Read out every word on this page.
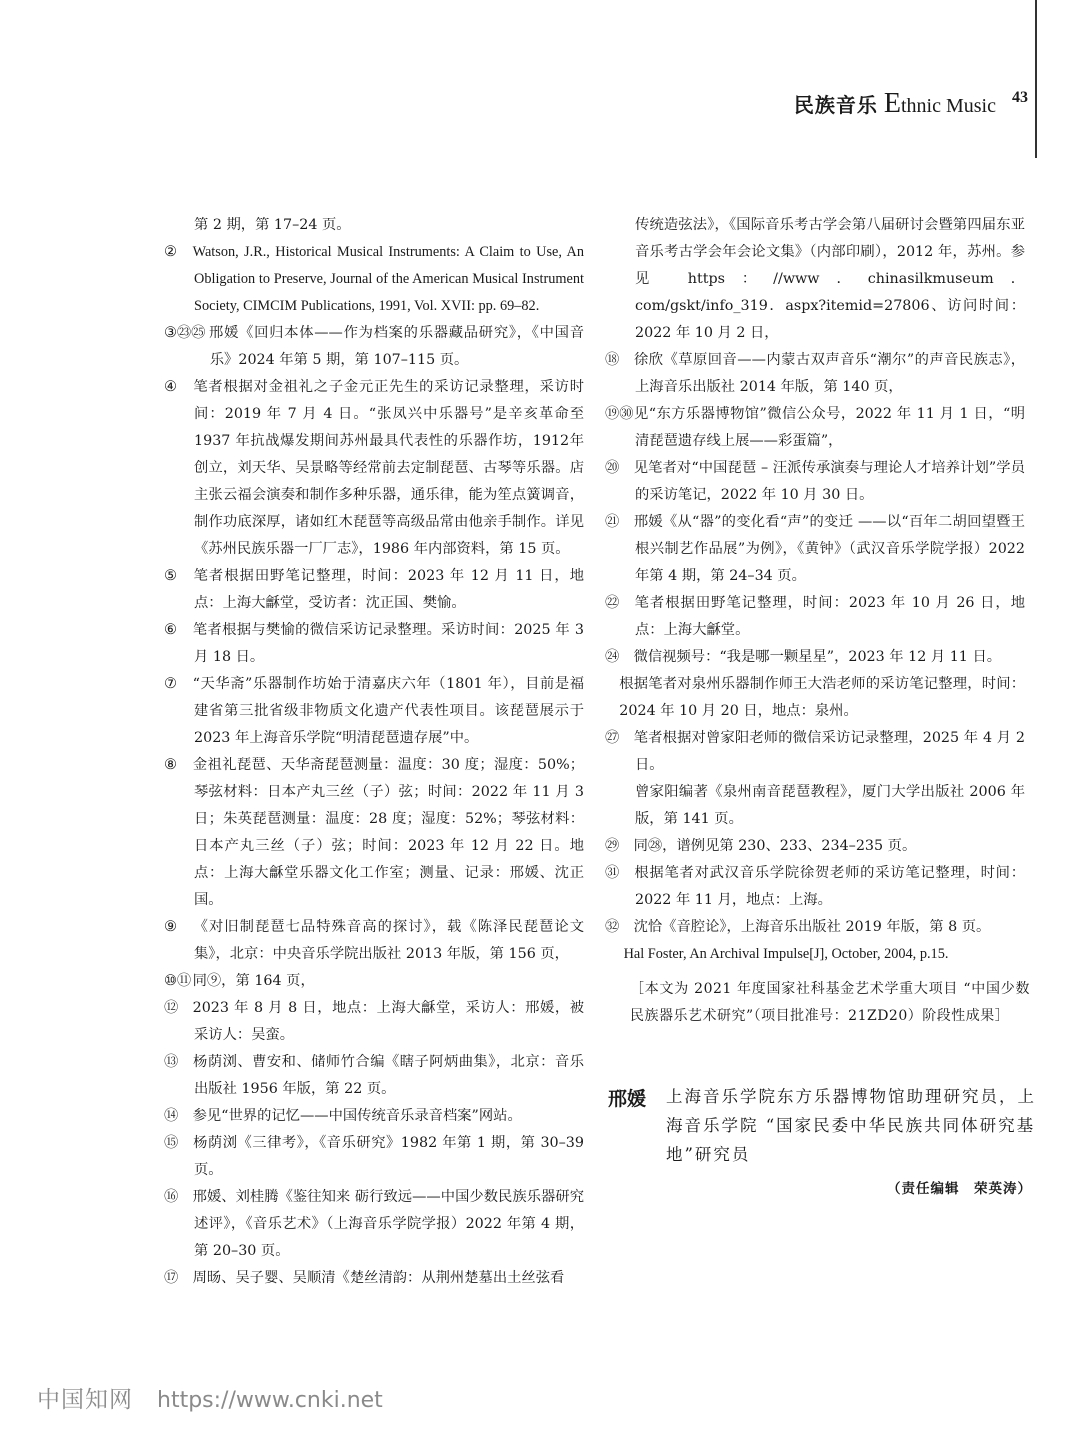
民族音乐 Ethnic Music 43
第 2 期，第 17–24 页。
② Watson, J.R., Historical Musical Instruments: A Claim to Use, An Obligation to Preserve, Journal of the American Musical Instrument Society, CIMCIM Publications, 1991, Vol. XVII: pp. 69–82.
③㉓㉕ 邢媛《回归本体——作为档案的乐器藏品研究》，《中国音乐》2024 年第 5 期，第 107–115 页。
④ 笔者根据对金祖礼之子金元正先生的采访记录整理，采访时间：2019 年 7 月 4 日。“张凤兴中乐器号”是辛亥革命至 1937 年抗战爆发期间苏州最具代表性的乐器作坊，1912年创立，刘天华、吴景略等经常前去定制琵琶、古琴等乐器。店主张云福会演奏和制作多种乐器，通乐律，能为笙点簧调音，制作功底深厚，诸如红木琵琶等高级品常由他亲手制作。详见《苏州民族乐器一厂厂志》，1986 年内部资料，第 15 页。
⑤ 笔者根据田野笔记整理，时间：2023 年 12 月 11 日，地点：上海大龢堂，受访者：沈正国、樊愉。
⑥ 笔者根据与樊愉的微信采访记录整理。采访时间：2025 年 3 月 18 日。
⑦ “天华斋”乐器制作坊始于清嘉庆六年（1801 年），目前是福建省第三批省级非物质文化遗产代表性项目。该琵琶展示于 2023 年上海音乐学院“明清琵琶遗存展”中。
⑧ 金祖礼琵琶、天华斋琵琶测量：温度：30 度；湿度：50%；琴弦材料：日本产丸三丝（子）弦；时间：2022 年 11 月 3 日；朱英琵琶测量：温度：28 度；湿度：52%；琴弦材料：日本产丸三丝（子）弦；时间：2023 年 12 月 22 日。地点：上海大龢堂乐器文化工作室；测量、记录：邢媛、沈正国。
⑨ 《对旧制琵琶七品特殊音高的探讨》，载《陈泽民琵琶论文集》，北京：中央音乐学院出版社 2013 年版，第 156 页，
⑩⑪同⑨，第 164 页，
⑫ 2023 年 8 月 8 日，地点：上海大龢堂，采访人：邢媛，被采访人：吴蛮。
⑬ 杨荫浏、曹安和、储师竹合编《瞎子阿炳曲集》，北京：音乐出版社 1956 年版，第 22 页。
⑭ 参见“世界的记忆——中国传统音乐录音档案”网站。
⑮ 杨荫浏《三律考》，《音乐研究》1982 年第 1 期，第 30–39 页。
⑯ 邢媛、刘桂腾《鉴往知来 砺行致远——中国少数民族乐器研究述评》，《音乐艺术》（上海音乐学院学报）2022 年第 4 期，第 20–30 页。
⑰ 周旸、吴子婴、吴顺清《楚丝清韵：从荆州楚墓出土丝弦看
传统造弦法》，《国际音乐考古学会第八届研讨会暨第四届东亚音乐考古学会年会论文集》（内部印刷），2012 年，苏州。参见 https：//www．chinasilkmuseum．com/gskt/info_319．aspx?itemid=27806、访问时间：2022 年 10 月 2 日，
⑱ 徐欣《草原回音——内蒙古双声音乐“潮尔”的声音民族志》，上海音乐出版社 2014 年版，第 140 页，
⑲㉚见“东方乐器博物馆”微信公众号，2022 年 11 月 1 日，“明清琵琶遗存线上展——彩蛋篇”，
⑳ 见笔者对“中国琵琶 – 汪派传承演奏与理论人才培养计划”学员的采访笔记，2022 年 10 月 30 日。
㉑ 邢媛《从“器”的变化看“声”的变迁 ——以“百年二胡回望暨王根兴制艺作品展”为例》，《黄钟》（武汉音乐学院学报）2022 年第 4 期，第 24–34 页。
㉒ 笔者根据田野笔记整理，时间：2023 年 10 月 26 日，地点：上海大龢堂。
㉔ 微信视频号：“我是哪一颗星星”，2023 年 12 月 11 日。
根据笔者对泉州乐器制作师王大浩老师的采访笔记整理，时间：2024 年 10 月 20 日，地点：泉州。
㉗ 笔者根据对曾家阳老师的微信采访记录整理，2025 年 4 月 2 日。
曾家阳编著《泉州南音琵琶教程》，厦门大学出版社 2006 年版，第 141 页。
㉙ 同㉘，谱例见第 230、233、234–235 页。
㉛ 根据笔者对武汉音乐学院徐贺老师的采访笔记整理，时间：2022 年 11 月，地点：上海。
㉜ 沈恰《音腔论》，上海音乐出版社 2019 年版，第 8 页。
Hal Foster, An Archival Impulse[J], October, 2004, p.15.
［本文为 2021 年度国家社科基金艺术学重大项目 “中国少数民族器乐艺术研究”（项目批准号：21ZD20）阶段性成果］
邢媛 上海音乐学院东方乐器博物馆助理研究员，上海音乐学院 “国家民委中华民族共同体研究基地”研究员
（责任编辑　荣英涛）
中国知网 https://www.cnki.net
